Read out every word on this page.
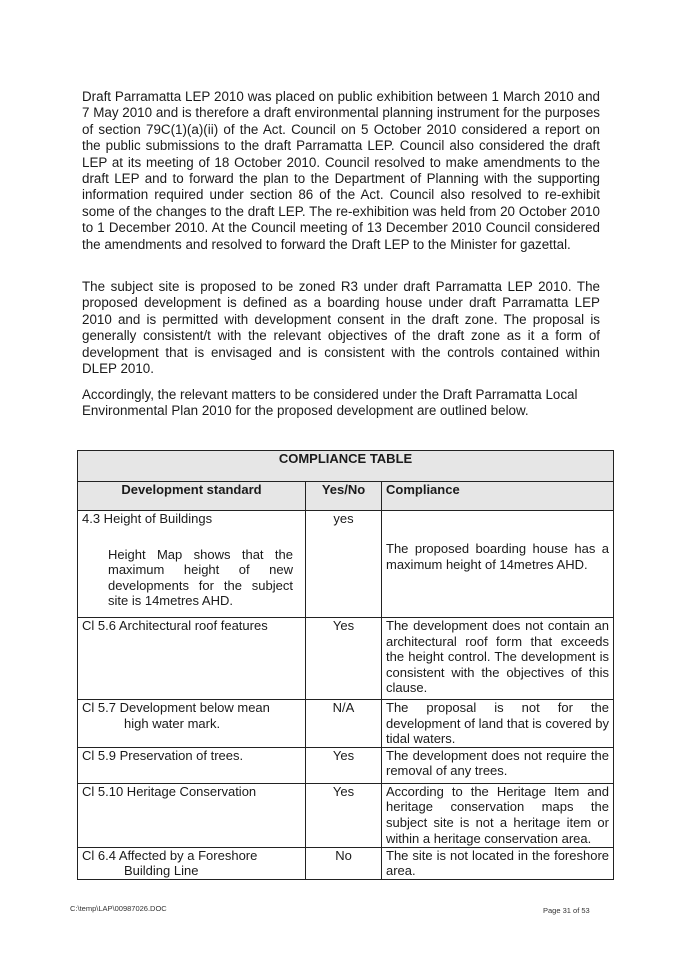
Draft Parramatta LEP 2010 was placed on public exhibition between 1 March 2010 and 7 May 2010 and is therefore a draft environmental planning instrument for the purposes of section 79C(1)(a)(ii) of the Act. Council on 5 October 2010 considered a report on the public submissions to the draft Parramatta LEP. Council also considered the draft LEP at its meeting of 18 October 2010. Council resolved to make amendments to the draft LEP and to forward the plan to the Department of Planning with the supporting information required under section 86 of the Act. Council also resolved to re-exhibit some of the changes to the draft LEP. The re-exhibition was held from 20 October 2010 to 1 December 2010. At the Council meeting of 13 December 2010 Council considered the amendments and resolved to forward the Draft LEP to the Minister for gazettal.

The subject site is proposed to be zoned R3 under draft Parramatta LEP 2010. The proposed development is defined as a boarding house under draft Parramatta LEP 2010 and is permitted with development consent in the draft zone. The proposal is generally consistent/t with the relevant objectives of the draft zone as it a form of development that is envisaged and is consistent with the controls contained within DLEP 2010.

Accordingly, the relevant matters to be considered under the Draft Parramatta Local Environmental Plan 2010 for the proposed development are outlined below.

COMPLIANCE TABLE		
Development standard	Yes/No	Compliance
4.3 Height of Buildings
Height Map shows that the maximum height of new developments for the subject site is 14metres AHD.	yes	The proposed boarding house has a maximum height of 14metres AHD.

Cl 5.6 Architectural roof features	Yes	The development does not contain an architectural roof form that exceeds the height control. The development is consistent with the objectives of this clause.

Cl 5.7 Development below mean
high water mark.	N/A	The proposal is not for the development of land that is covered by tidal waters.
Cl 5.9 Preservation of trees.	Yes	The development does not require the removal of any trees.
Cl 5.10 Heritage Conservation	Yes	According to the Heritage Item and heritage conservation maps the subject site is not a heritage item or within a heritage conservation area.

Cl 6.4 Affected by a Foreshore
Building Line	No	The site is not located in the foreshore area.
C:\temp\LAP\00987026.DOC	Page 31 of 53
